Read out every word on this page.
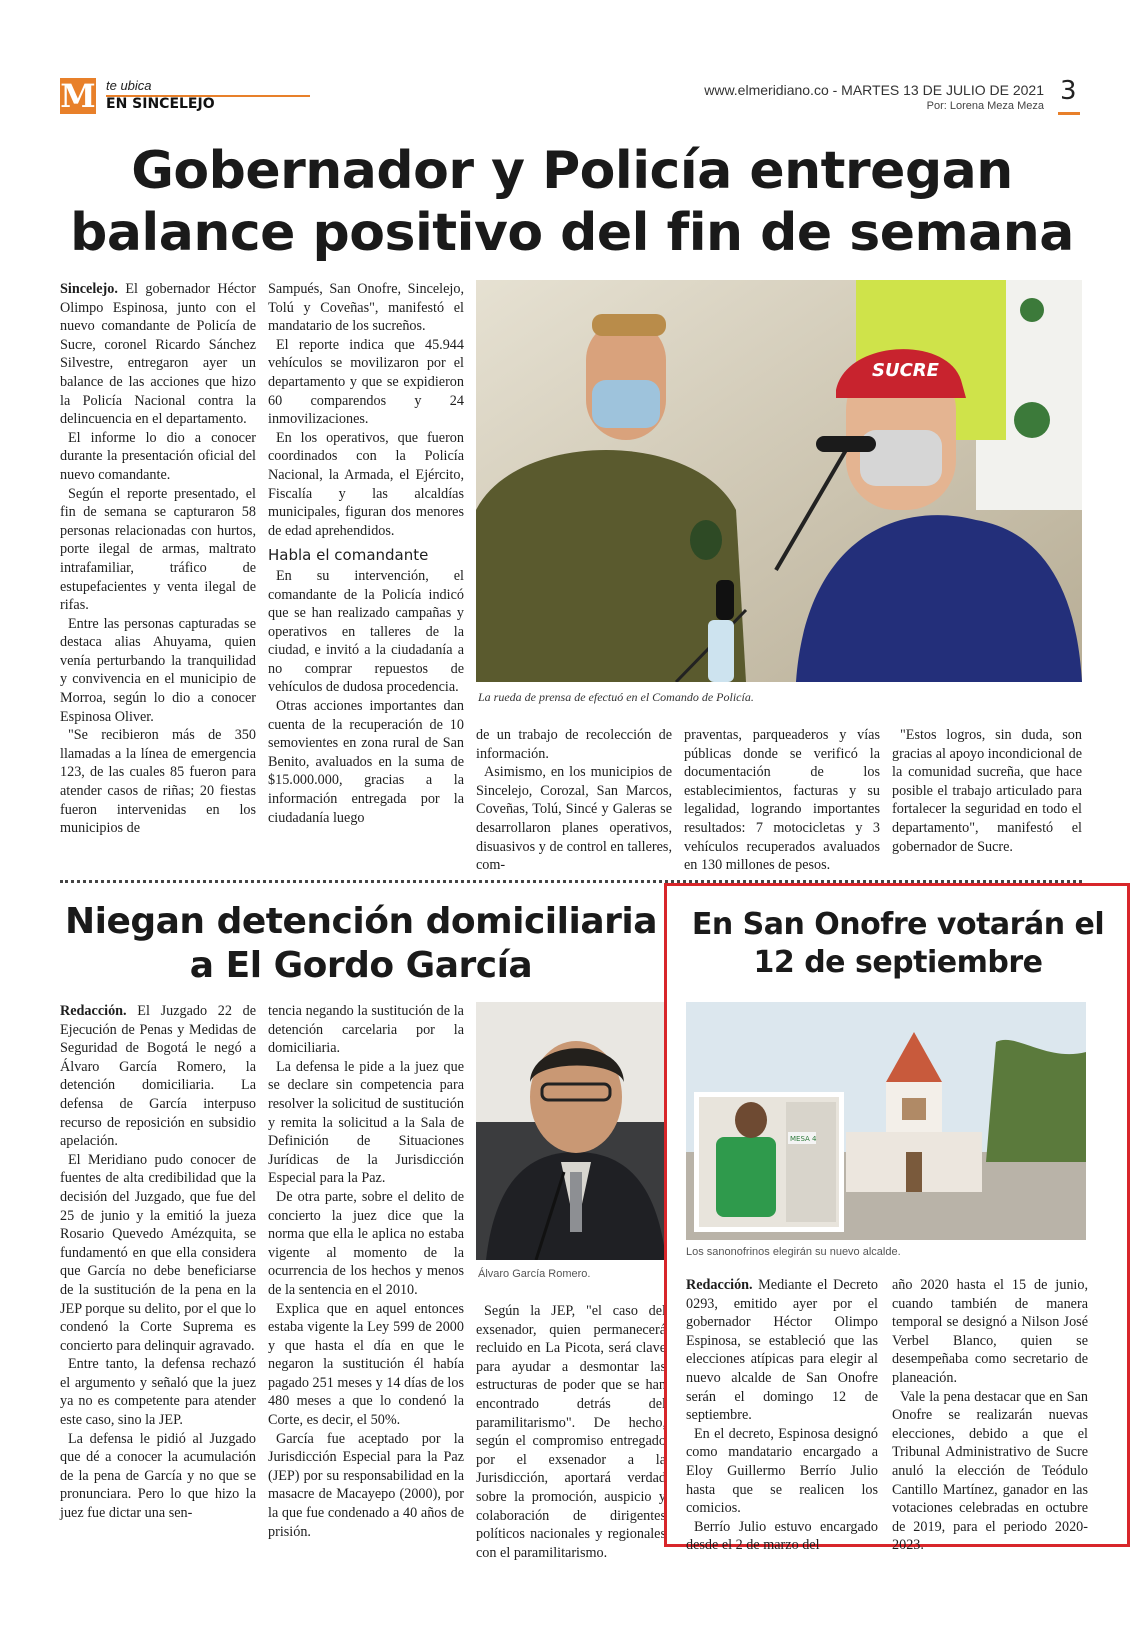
M te ubica
EN SINCELEJO
www.elmeridiano.co - MARTES 13 DE JULIO DE 2021
Por: Lorena Meza Meza 3
Gobernador y Policía entregan balance positivo del fin de semana

Sincelejo. El gobernador Héctor Olimpo Espinosa, junto con el nuevo comandante de Policía de Sucre, coronel Ricardo Sánchez Silvestre, entregaron ayer un balance de las acciones que hizo la Policía Nacional contra la delincuencia en el departamento.

El informe lo dio a conocer durante la presentación oficial del nuevo comandante.

Según el reporte presentado, el fin de semana se capturaron 58 personas relacionadas con hurtos, porte ilegal de armas, maltrato intrafamiliar, tráfico de estupefacientes y venta ilegal de rifas.

Entre las personas capturadas se destaca alias Ahuyama, quien venía perturbando la tranquilidad y convivencia en el municipio de Morroa, según lo dio a conocer Espinosa Oliver.

"Se recibieron más de 350 llamadas a la línea de emergencia 123, de las cuales 85 fueron para atender casos de riñas; 20 fiestas fueron intervenidas en los municipios de

Sampués, San Onofre, Sincelejo, Tolú y Coveñas", manifestó el mandatario de los sucreños.

El reporte indica que 45.944 vehículos se movilizaron por el departamento y que se expidieron 60 comparendos y 24 inmovilizaciones.

En los operativos, que fueron coordinados con la Policía Nacional, la Armada, el Ejército, Fiscalía y las alcaldías municipales, figuran dos menores de edad aprehendidos.

Habla el comandante

En su intervención, el comandante de la Policía indicó que se han realizado campañas y operativos en talleres de la ciudad, e invitó a la ciudadanía a no comprar repuestos de vehículos de dudosa procedencia.

Otras acciones importantes dan cuenta de la recuperación de 10 semovientes en zona rural de San Benito, avaluados en la suma de $15.000.000, gracias a la información entregada por la ciudadanía luego

SUCRE
La rueda de prensa de efectuó en el Comando de Policía.

de un trabajo de recolección de información.

Asimismo, en los municipios de Sincelejo, Corozal, San Marcos, Coveñas, Tolú, Sincé y Galeras se desarrollaron planes operativos, disuasivos y de control en talleres, com-

praventas, parqueaderos y vías públicas donde se verificó la documentación de los establecimientos, facturas y su legalidad, logrando importantes resultados: 7 motocicletas y 3 vehículos recuperados avaluados en 130 millones de pesos.

"Estos logros, sin duda, son gracias al apoyo incondicional de la comunidad sucreña, que hace posible el trabajo articulado para fortalecer la seguridad en todo el departamento", manifestó el gobernador de Sucre.

Niegan detención domiciliaria a El Gordo García

Redacción. El Juzgado 22 de Ejecución de Penas y Medidas de Seguridad de Bogotá le negó a Álvaro García Romero, la detención domiciliaria. La defensa de García interpuso recurso de reposición en subsidio apelación.

El Meridiano pudo conocer de fuentes de alta credibilidad que la decisión del Juzgado, que fue del 25 de junio y la emitió la jueza Rosario Quevedo Amézquita, se fundamentó en que ella considera que García no debe beneficiarse de la sustitución de la pena en la JEP porque su delito, por el que lo condenó la Corte Suprema es concierto para delinquir agravado.

Entre tanto, la defensa rechazó el argumento y señaló que la juez ya no es competente para atender este caso, sino la JEP.

La defensa le pidió al Juzgado que dé a conocer la acumulación de la pena de García y no que se pronunciara. Pero lo que hizo la juez fue dictar una sen-

tencia negando la sustitución de la detención carcelaria por la domiciliaria.

La defensa le pide a la juez que se declare sin competencia para resolver la solicitud de sustitución y remita la solicitud a la Sala de Definición de Situaciones Jurídicas de la Jurisdicción Especial para la Paz.

De otra parte, sobre el delito de concierto la juez dice que la norma que ella le aplica no estaba vigente al momento de la ocurrencia de los hechos y menos de la sentencia en el 2010.

Explica que en aquel entonces estaba vigente la Ley 599 de 2000 y que hasta el día en que le negaron la sustitución él había pagado 251 meses y 14 días de los 480 meses a que lo condenó la Corte, es decir, el 50%.

García fue aceptado por la Jurisdicción Especial para la Paz (JEP) por su responsabilidad en la masacre de Macayepo (2000), por la que fue condenado a 40 años de prisión.

Álvaro García Romero.

Según la JEP, "el caso del exsenador, quien permanecerá recluido en La Picota, será clave para ayudar a desmontar las estructuras de poder que se han encontrado detrás del paramilitarismo". De hecho, según el compromiso entregado por el exsenador a la Jurisdicción, aportará verdad sobre la promoción, auspicio y colaboración de dirigentes políticos nacionales y regionales con el paramilitarismo.

En San Onofre votarán el 12 de septiembre
MESA 4
Los sanonofrinos elegirán su nuevo alcalde.

Redacción. Mediante el Decreto 0293, emitido ayer por el gobernador Héctor Olimpo Espinosa, se estableció que las elecciones atípicas para elegir al nuevo alcalde de San Onofre serán el domingo 12 de septiembre.

En el decreto, Espinosa designó como mandatario encargado a Eloy Guillermo Berrío Julio hasta que se realicen los comicios.

Berrío Julio estuvo encargado desde el 2 de marzo del

año 2020 hasta el 15 de junio, cuando también de manera temporal se designó a Nilson José Verbel Blanco, quien se desempeñaba como secretario de planeación.

Vale la pena destacar que en San Onofre se realizarán nuevas elecciones, debido a que el Tribunal Administrativo de Sucre anuló la elección de Teódulo Cantillo Martínez, ganador en las votaciones celebradas en octubre de 2019, para el periodo 2020-2023.
